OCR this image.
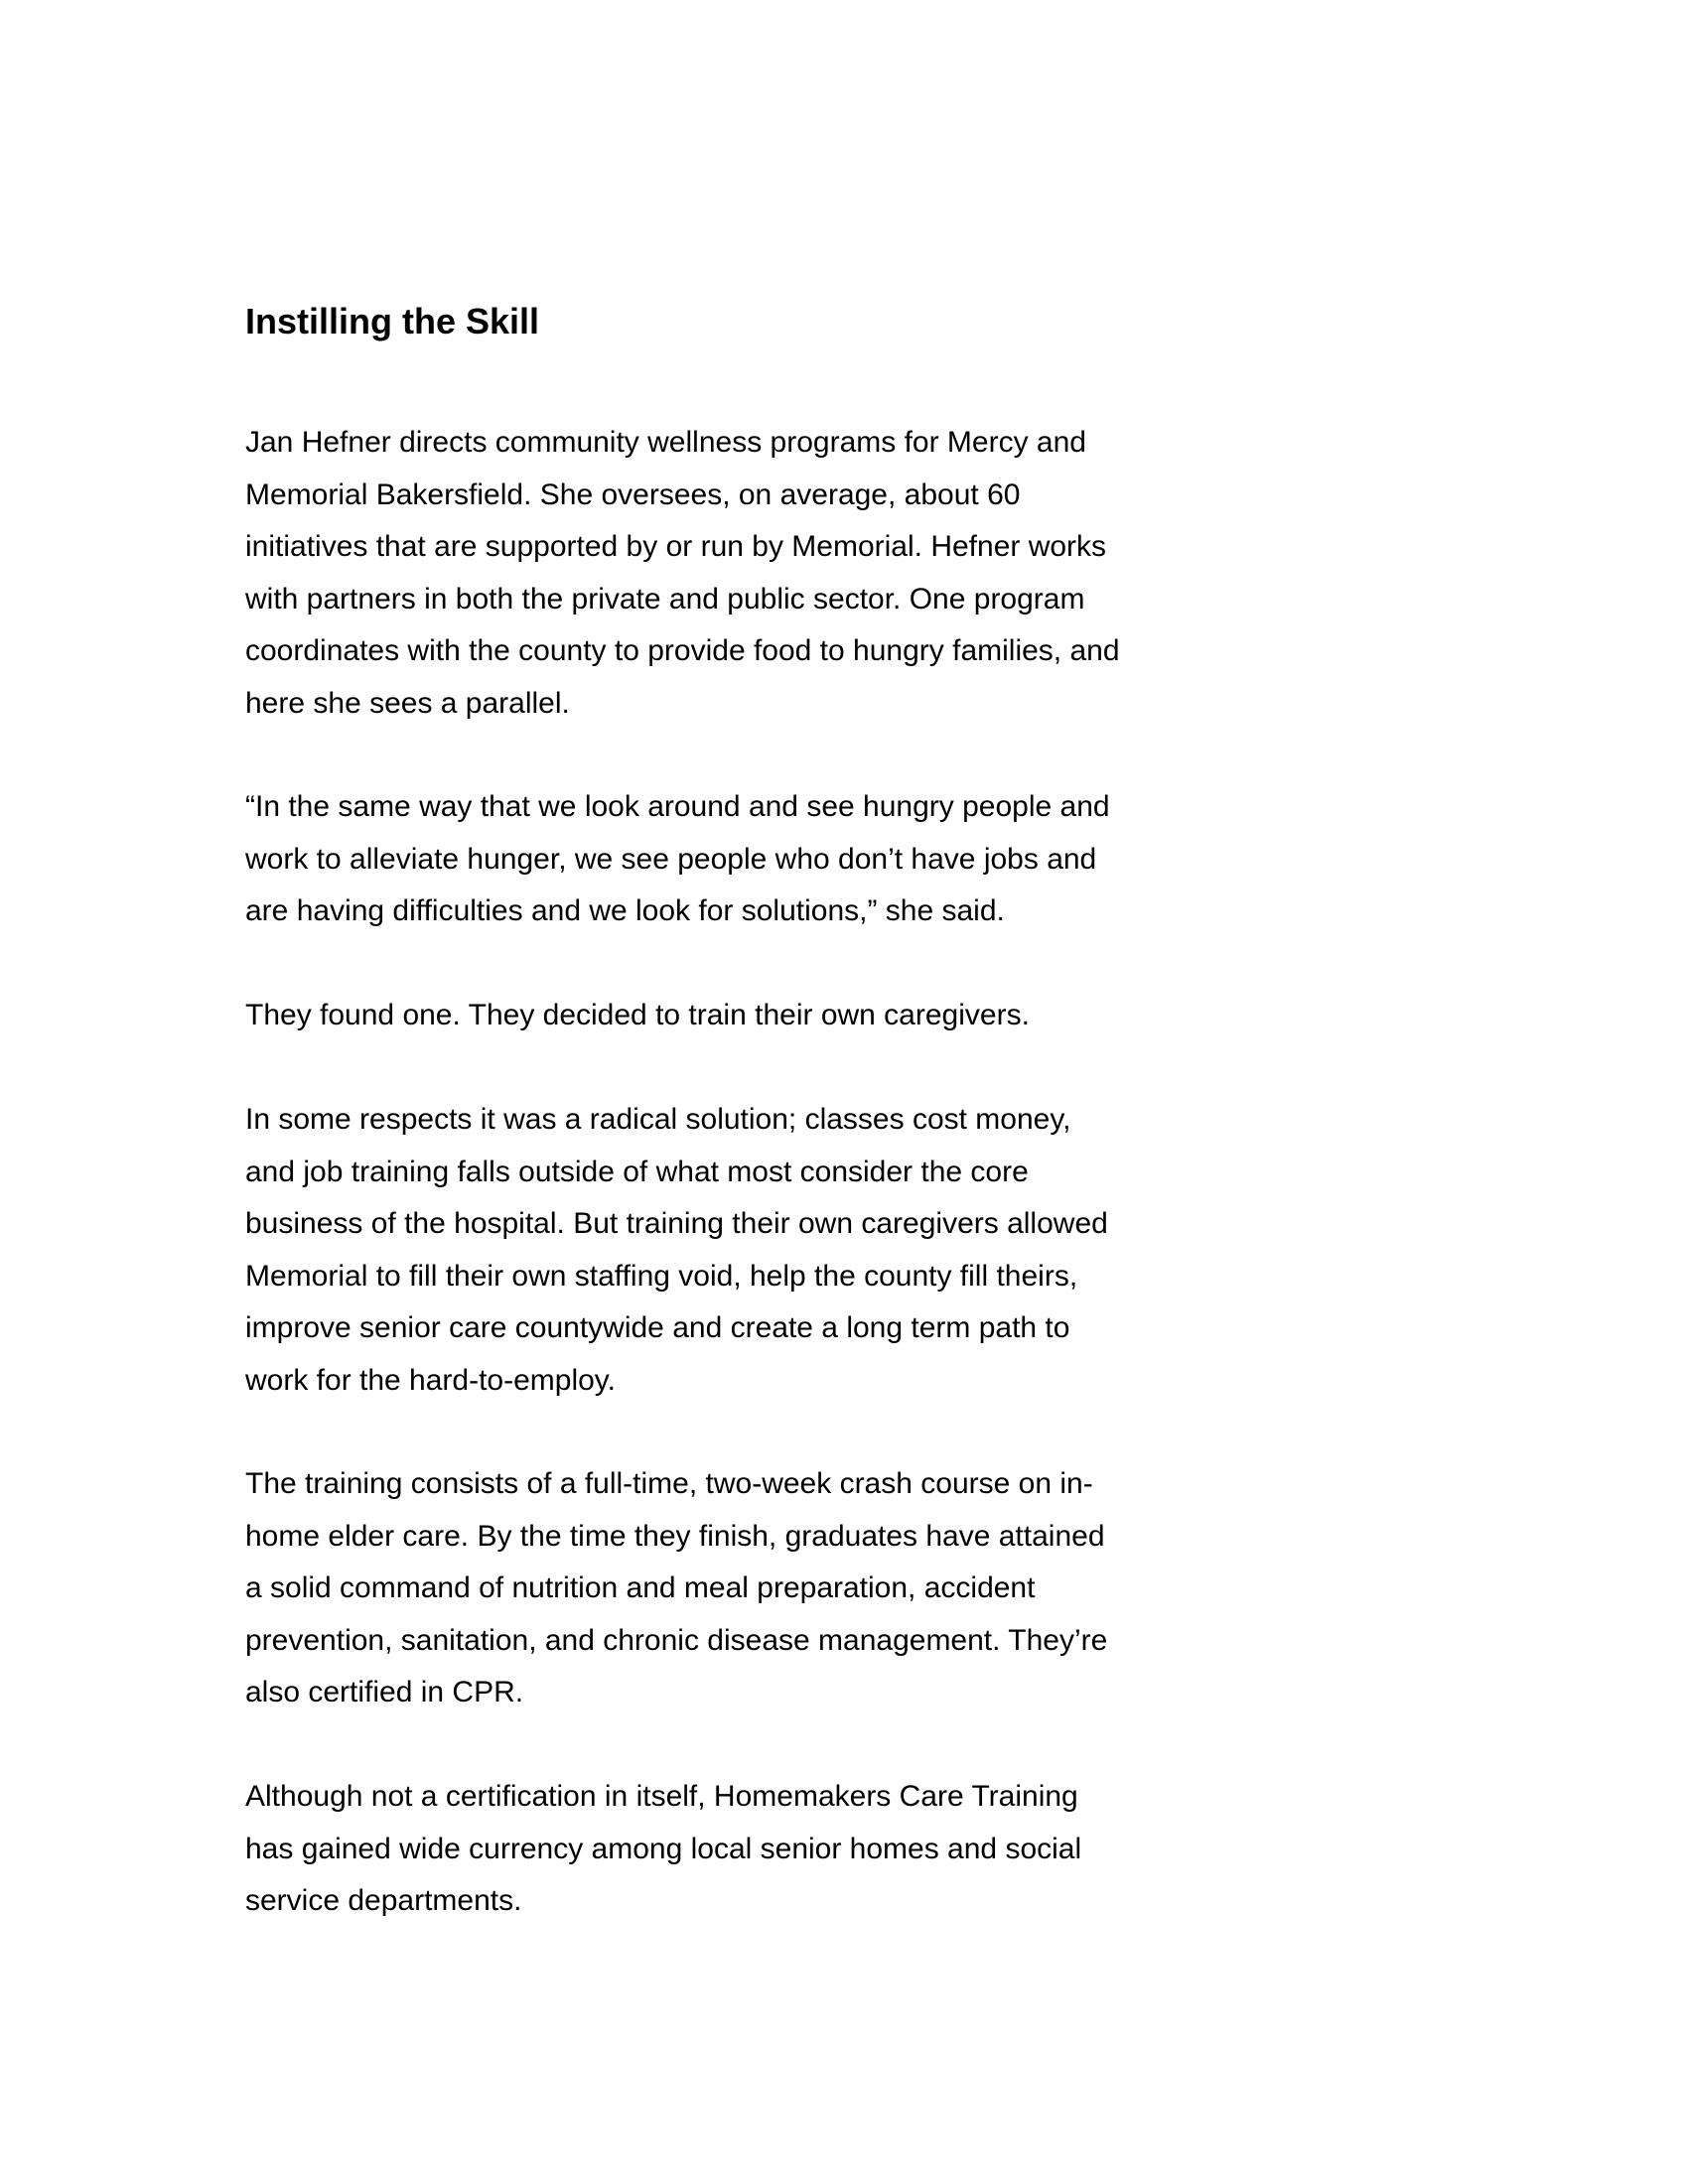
Instilling the Skill

Jan Hefner directs community wellness programs for Mercy and
Memorial Bakersfield. She oversees, on average, about 60
initiatives that are supported by or run by Memorial. Hefner works
with partners in both the private and public sector. One program
coordinates with the county to provide food to hungry families, and
here she sees a parallel.

“In the same way that we look around and see hungry people and
work to alleviate hunger, we see people who don’t have jobs and
are having difficulties and we look for solutions,” she said.

They found one. They decided to train their own caregivers.

In some respects it was a radical solution; classes cost money,
and job training falls outside of what most consider the core
business of the hospital. But training their own caregivers allowed
Memorial to fill their own staffing void, help the county fill theirs,
improve senior care countywide and create a long term path to
work for the hard-to-employ.

The training consists of a full-time, two-week crash course on in-
home elder care. By the time they finish, graduates have attained
a solid command of nutrition and meal preparation, accident
prevention, sanitation, and chronic disease management. They’re
also certified in CPR.

Although not a certification in itself, Homemakers Care Training
has gained wide currency among local senior homes and social
service departments.
